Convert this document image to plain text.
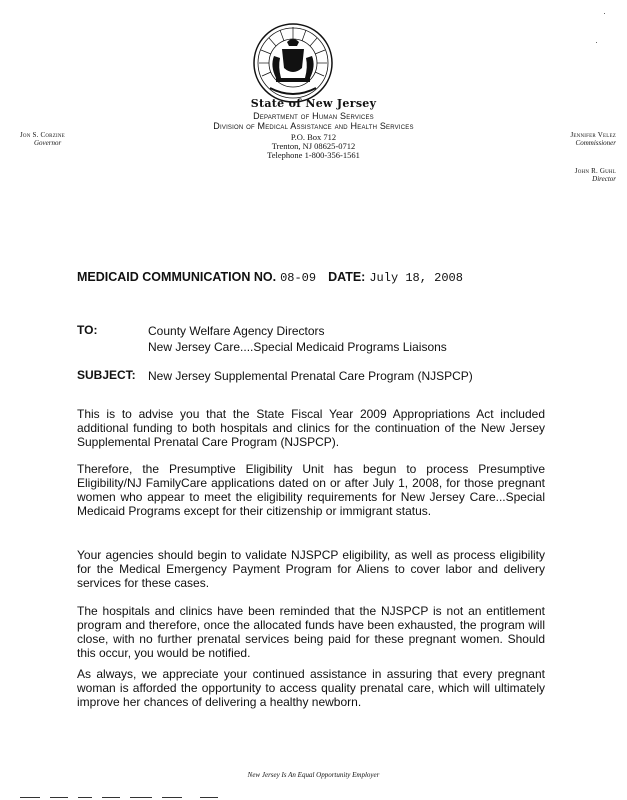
State of New Jersey
Department of Human Services
Division of Medical Assistance and Health Services
P.O. Box 712
Trenton, NJ 08625-0712
Telephone 1-800-356-1561
Jon S. Corzine
Governor
Jennifer Velez
Commissioner
John R. Guhl
Director
MEDICAID COMMUNICATION NO. 08-09 DATE: July 18, 2008
TO:	County Welfare Agency Directors
New Jersey Care....Special Medicaid Programs Liaisons
SUBJECT: New Jersey Supplemental Prenatal Care Program (NJSPCP)
This is to advise you that the State Fiscal Year 2009 Appropriations Act included additional funding to both hospitals and clinics for the continuation of the New Jersey Supplemental Prenatal Care Program (NJSPCP).
Therefore, the Presumptive Eligibility Unit has begun to process Presumptive Eligibility/NJ FamilyCare applications dated on or after July 1, 2008, for those pregnant women who appear to meet the eligibility requirements for New Jersey Care...Special Medicaid Programs except for their citizenship or immigrant status.
Your agencies should begin to validate NJSPCP eligibility, as well as process eligibility for the Medical Emergency Payment Program for Aliens to cover labor and delivery services for these cases.
The hospitals and clinics have been reminded that the NJSPCP is not an entitlement program and therefore, once the allocated funds have been exhausted, the program will close, with no further prenatal services being paid for these pregnant women. Should this occur, you would be notified.
As always, we appreciate your continued assistance in assuring that every pregnant woman is afforded the opportunity to access quality prenatal care, which will ultimately improve her chances of delivering a healthy newborn.
New Jersey Is An Equal Opportunity Employer
